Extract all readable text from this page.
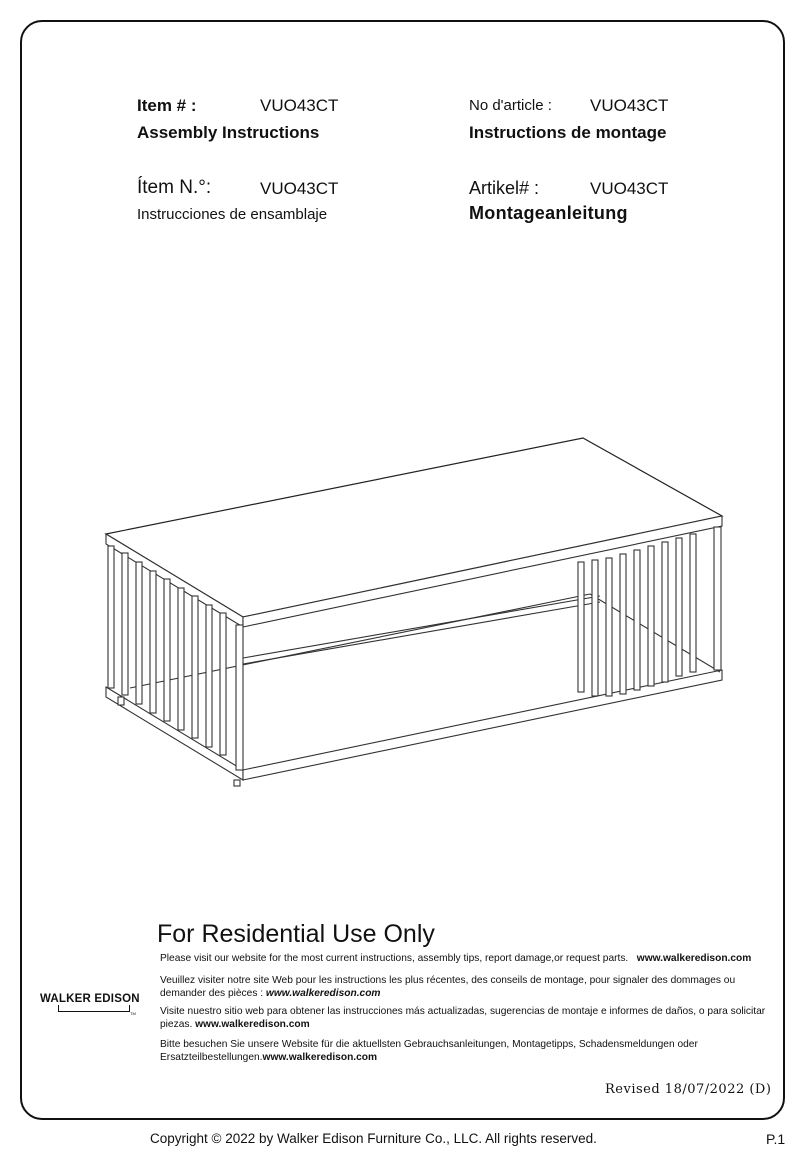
Item # :	VUO43CT
Assembly Instructions
No d'article : VUO43CT
Instructions de montage
Ítem N.°:	VUO43CT
Instrucciones de ensamblaje
Artikel# :	VUO43CT
Montageanleitung
For Residential Use Only
Please visit our website for the most current instructions, assembly tips, report damage,or request parts. www.walkeredison.com
Veuillez visiter notre site Web pour les instructions les plus récentes, des conseils de montage, pour signaler des dommages ou demander des pièces : www.walkeredison.com
Visite nuestro sitio web para obtener las instrucciones más actualizadas, sugerencias de montaje e informes de daños, o para solicitar piezas. www.walkeredison.com
Bitte besuchen Sie unsere Website für die aktuellsten Gebrauchsanleitungen, Montagetipps, Schadensmeldungen oder Ersatzteilbestellungen.www.walkeredison.com
WALKER EDISON
TM
Revised 18/07/2022 (D)
Copyright © 2022 by Walker Edison Furniture Co., LLC. All rights reserved.	P.1
